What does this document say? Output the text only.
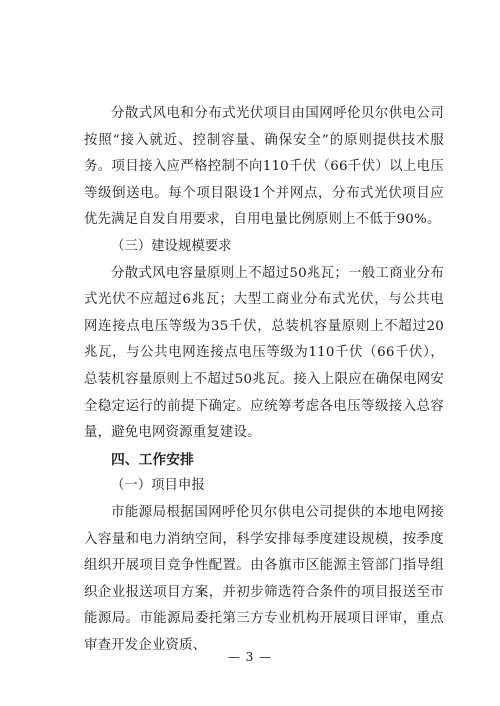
分散式风电和分布式光伏项目由国网呼伦贝尔供电公司按照“接入就近、控制容量、确保安全”的原则提供技术服务。项目接入应严格控制不向110千伏（66千伏）以上电压等级倒送电。每个项目限设1个并网点，分布式光伏项目应优先满足自发自用要求，自用电量比例原则上不低于90%。

（三）建设规模要求

分散式风电容量原则上不超过50兆瓦；一般工商业分布式光伏不应超过6兆瓦；大型工商业分布式光伏，与公共电网连接点电压等级为35千伏，总装机容量原则上不超过20兆瓦，与公共电网连接点电压等级为110千伏（66千伏），总装机容量原则上不超过50兆瓦。接入上限应在确保电网安全稳定运行的前提下确定。应统筹考虑各电压等级接入总容量，避免电网资源重复建设。

四、工作安排
（一）项目申报

市能源局根据国网呼伦贝尔供电公司提供的本地电网接入容量和电力消纳空间，科学安排每季度建设规模，按季度组织开展项目竞争性配置。由各旗市区能源主管部门指导组织企业报送项目方案，并初步筛选符合条件的项目报送至市能源局。市能源局委托第三方专业机构开展项目评审，重点审查开发企业资质、

— 3 —
